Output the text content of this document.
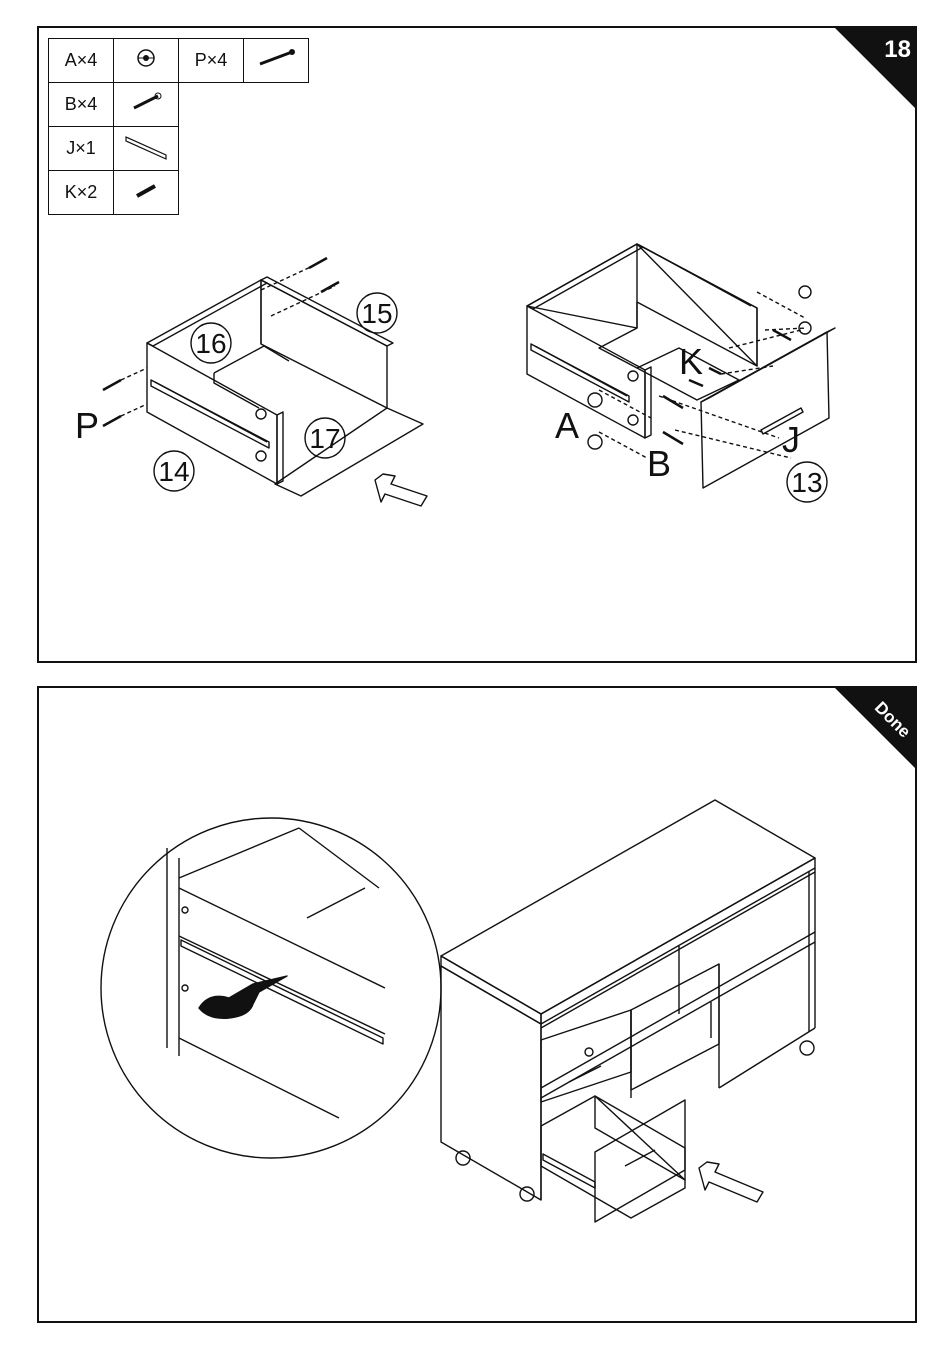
16
15
17
14
P
K
A
B
J
13
A×4		P×4	
B×4	
J×1	
K×2	
18
Done
